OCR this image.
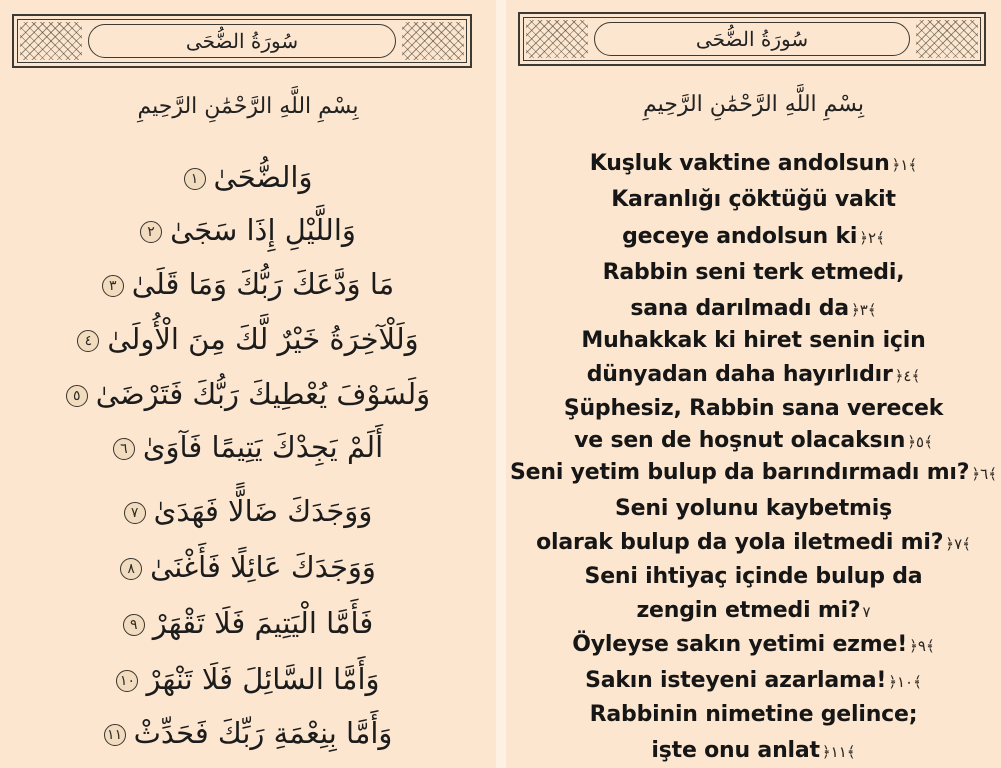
سُورَةُ الضُّحَى	سُورَةُ الضُّحَى
بِسْمِ اللَّهِ الرَّحْمَٰنِ الرَّحِيمِ	بِسْمِ اللَّهِ الرَّحْمَٰنِ الرَّحِيمِ
وَالضُّحَىٰ١
وَاللَّيْلِ إِذَا سَجَىٰ٢
مَا وَدَّعَكَ رَبُّكَ وَمَا قَلَىٰ٣
وَلَلْآخِرَةُ خَيْرٌ لَّكَ مِنَ الْأُولَىٰ٤
وَلَسَوْفَ يُعْطِيكَ رَبُّكَ فَتَرْضَىٰ٥
أَلَمْ يَجِدْكَ يَتِيمًا فَآوَىٰ٦
وَوَجَدَكَ ضَالًّا فَهَدَىٰ٧
وَوَجَدَكَ عَائِلًا فَأَغْنَىٰ٨
فَأَمَّا الْيَتِيمَ فَلَا تَقْهَرْ٩
وَأَمَّا السَّائِلَ فَلَا تَنْهَرْ١٠
وَأَمَّا بِنِعْمَةِ رَبِّكَ فَحَدِّثْ١١
Kuşluk vaktine andolsun ﴿١﴾
Karanlığı çöktüğü vakit
geceye andolsun ki ﴿٢﴾
Rabbin seni terk etmedi,
sana darılmadı da ﴿٣﴾
Muhakkak ki hiret senin için
dünyadan daha hayırlıdır ﴿٤﴾
Şüphesiz, Rabbin sana verecek
ve sen de hoşnut olacaksın ﴿٥﴾
Seni yetim bulup da barındırmadı mı? ﴿٦﴾
Seni yolunu kaybetmiş
olarak bulup da yola iletmedi mi? ﴿٧﴾
Seni ihtiyaç içinde bulup da
zengin etmedi mi? ٧
Öyleyse sakın yetimi ezme! ﴿٩﴾
Sakın isteyeni azarlama! ﴿١٠﴾
Rabbinin nimetine gelince;
işte onu anlat ﴿١١﴾
